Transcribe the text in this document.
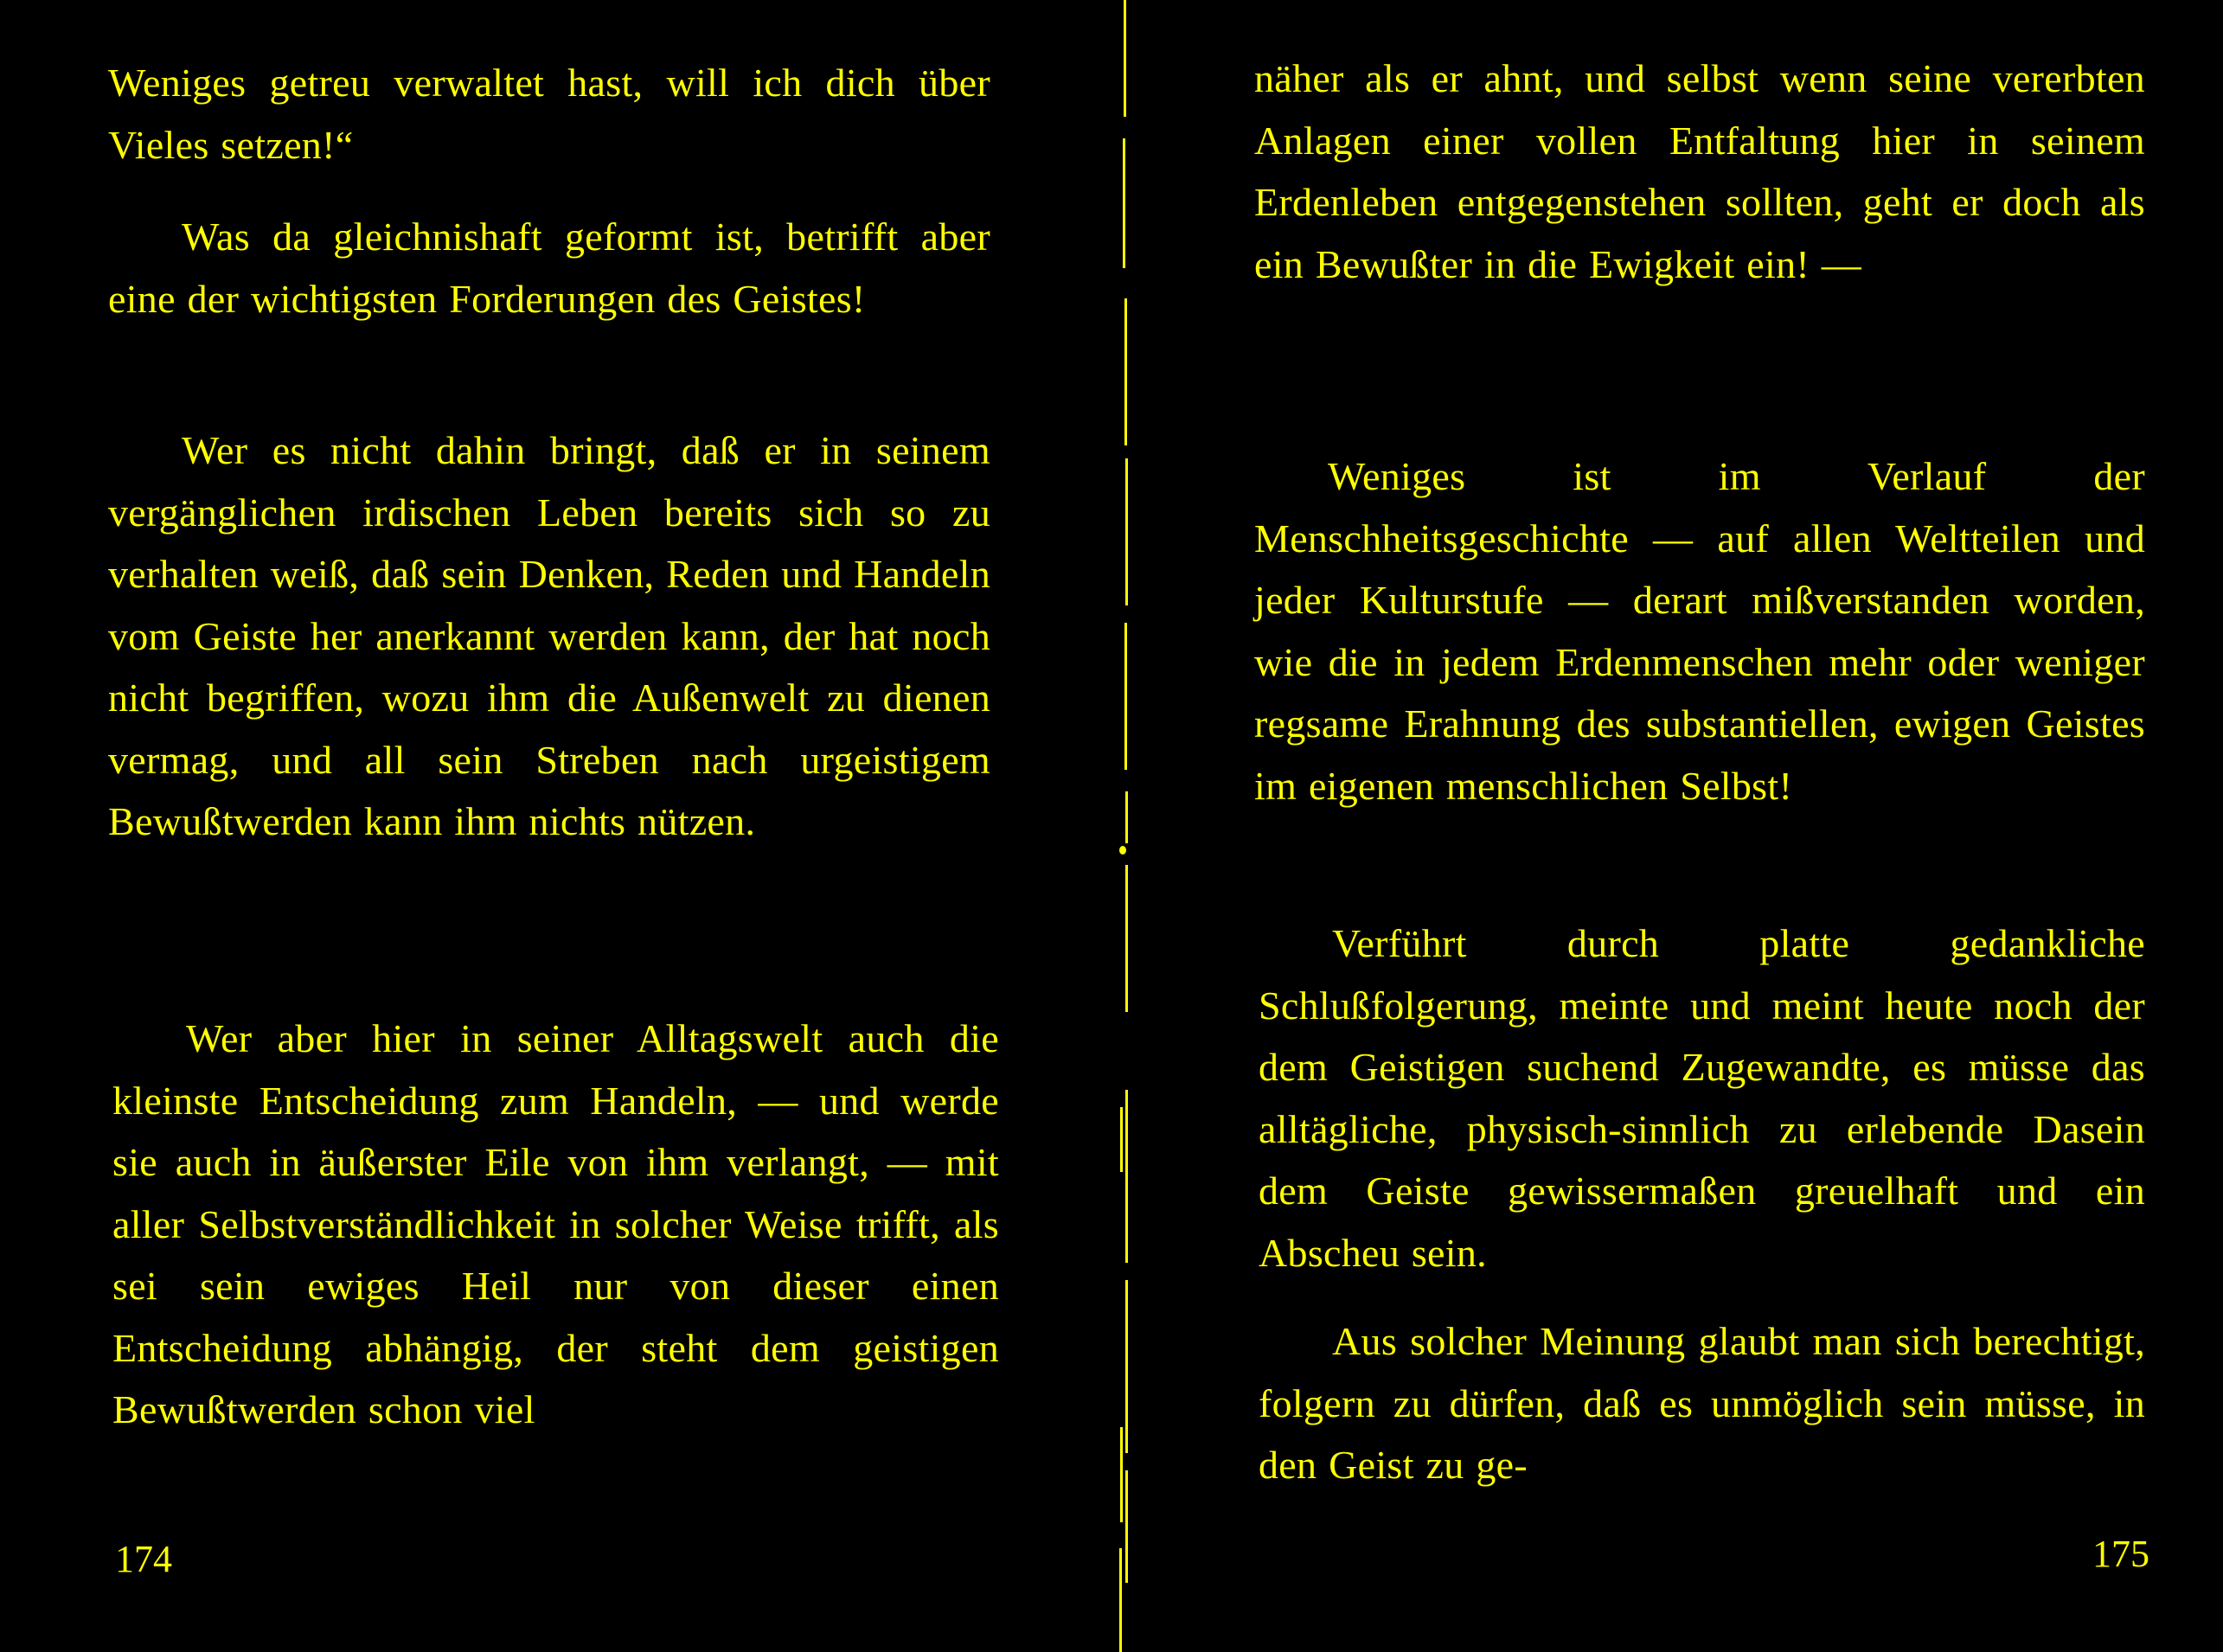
Weniges getreu verwaltet hast, will ich dich über Vieles setzen!“

Was da gleichnishaft geformt ist, betrifft aber eine der wichtigsten Forderungen des Geistes!

Wer es nicht dahin bringt, daß er in seinem vergänglichen irdischen Leben bereits sich so zu verhalten weiß, daß sein Denken, Reden und Handeln vom Geiste her anerkannt werden kann, der hat noch nicht begriffen, wozu ihm die Außenwelt zu dienen vermag, und all sein Streben nach urgeistigem Bewußtwerden kann ihm nichts nützen.

Wer aber hier in seiner Alltagswelt auch die kleinste Entscheidung zum Handeln, — und werde sie auch in äußerster Eile von ihm verlangt, — mit aller Selbstverständlichkeit in solcher Weise trifft, als sei sein ewiges Heil nur von dieser einen Entscheidung abhängig, der steht dem geistigen Bewußtwerden schon viel

174

näher als er ahnt, und selbst wenn seine vererbten Anlagen einer vollen Entfaltung hier in seinem Erdenleben entgegenstehen sollten, geht er doch als ein Bewußter in die Ewigkeit ein! —

Weniges ist im Verlauf der Menschheitsgeschichte — auf allen Weltteilen und jeder Kulturstufe — derart mißverstanden worden, wie die in jedem Erdenmenschen mehr oder weniger regsame Erahnung des substantiellen, ewigen Geistes im eigenen menschlichen Selbst!

Verführt durch platte gedankliche Schlußfolgerung, meinte und meint heute noch der dem Geistigen suchend Zugewandte, es müsse das alltägliche, physisch-sinnlich zu erlebende Dasein dem Geiste gewissermaßen greuelhaft und ein Abscheu sein.

Aus solcher Meinung glaubt man sich berechtigt, folgern zu dürfen, daß es unmöglich sein müsse, in den Geist zu ge-

175
